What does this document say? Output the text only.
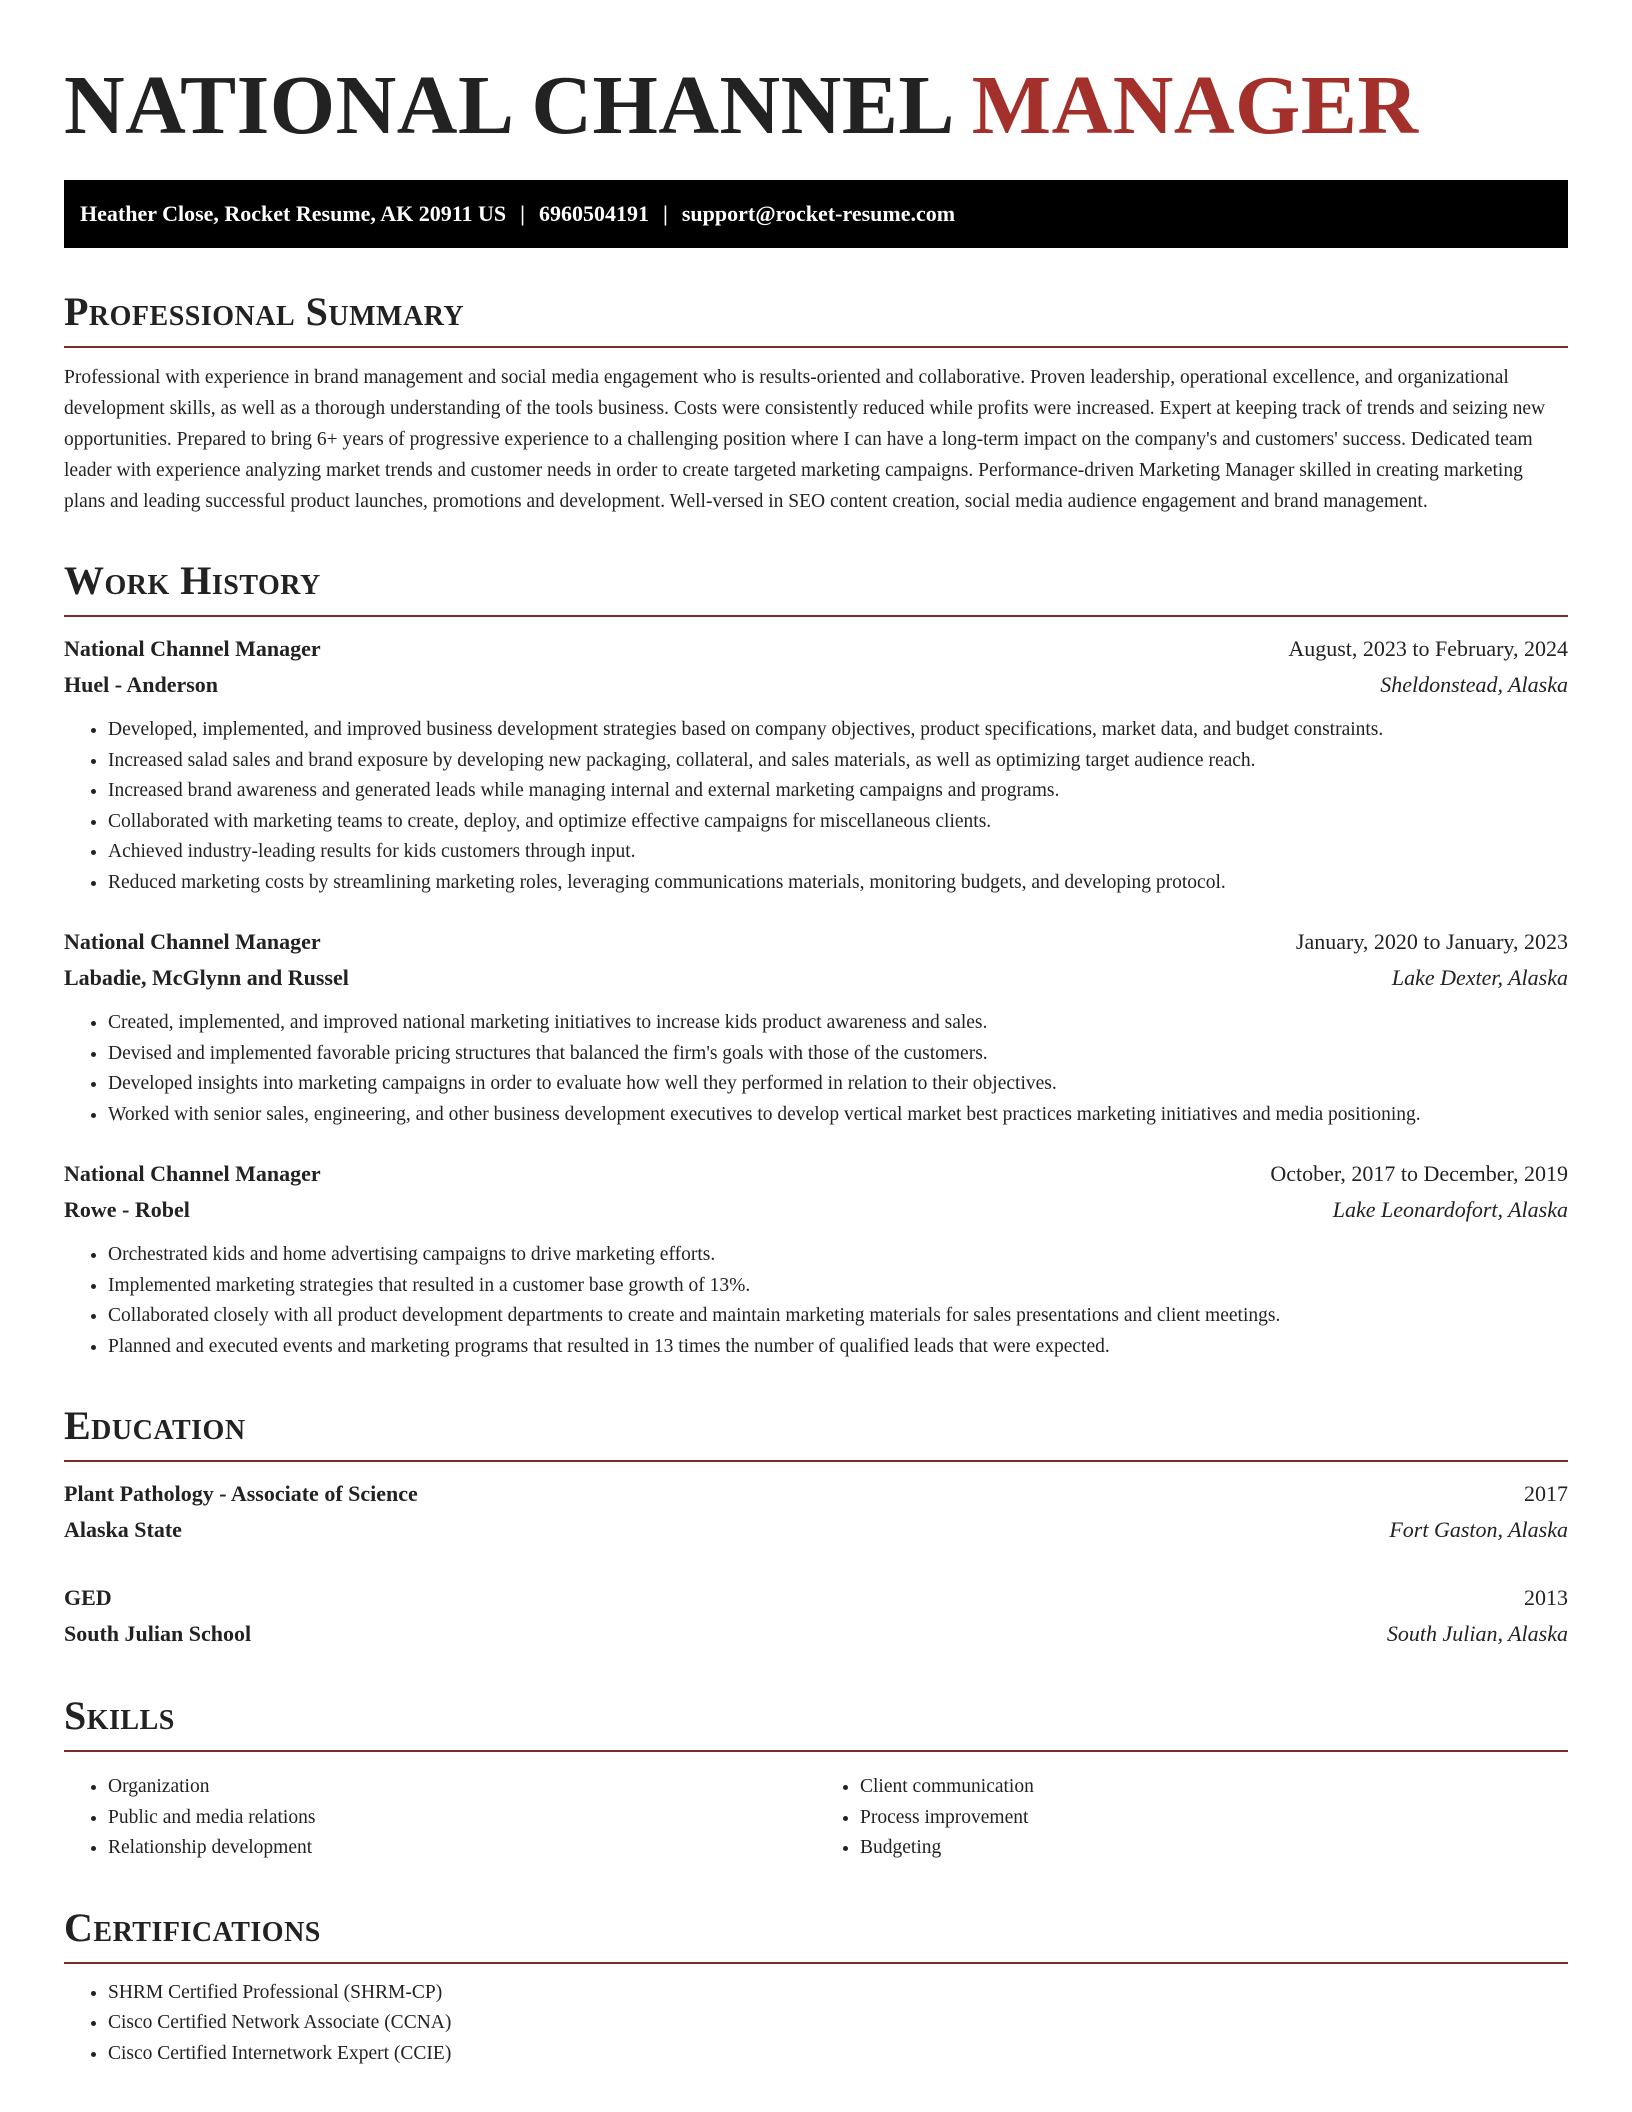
NATIONAL CHANNEL MANAGER
Heather Close, Rocket Resume, AK 20911 US | 6960504191 | support@rocket-resume.com
Professional Summary

Professional with experience in brand management and social media engagement who is results-oriented and collaborative. Proven leadership, operational excellence, and organizational development skills, as well as a thorough understanding of the tools business. Costs were consistently reduced while profits were increased. Expert at keeping track of trends and seizing new opportunities. Prepared to bring 6+ years of progressive experience to a challenging position where I can have a long-term impact on the company's and customers' success. Dedicated team leader with experience analyzing market trends and customer needs in order to create targeted marketing campaigns. Performance-driven Marketing Manager skilled in creating marketing plans and leading successful product launches, promotions and development. Well-versed in SEO content creation, social media audience engagement and brand management.

Work History
National Channel Manager	August, 2023 to February, 2024
Huel - Anderson	Sheldonstead, Alaska
• Developed, implemented, and improved business development strategies based on company objectives, product specifications, market data, and budget constraints.
• Increased salad sales and brand exposure by developing new packaging, collateral, and sales materials, as well as optimizing target audience reach.
• Increased brand awareness and generated leads while managing internal and external marketing campaigns and programs.
• Collaborated with marketing teams to create, deploy, and optimize effective campaigns for miscellaneous clients.
• Achieved industry-leading results for kids customers through input.
• Reduced marketing costs by streamlining marketing roles, leveraging communications materials, monitoring budgets, and developing protocol.
National Channel Manager	January, 2020 to January, 2023
Labadie, McGlynn and Russel	Lake Dexter, Alaska
• Created, implemented, and improved national marketing initiatives to increase kids product awareness and sales.
• Devised and implemented favorable pricing structures that balanced the firm's goals with those of the customers.
• Developed insights into marketing campaigns in order to evaluate how well they performed in relation to their objectives.
• Worked with senior sales, engineering, and other business development executives to develop vertical market best practices marketing initiatives and media positioning.
National Channel Manager	October, 2017 to December, 2019
Rowe - Robel	Lake Leonardofort, Alaska
• Orchestrated kids and home advertising campaigns to drive marketing efforts.
• Implemented marketing strategies that resulted in a customer base growth of 13%.
• Collaborated closely with all product development departments to create and maintain marketing materials for sales presentations and client meetings.
• Planned and executed events and marketing programs that resulted in 13 times the number of qualified leads that were expected.
Education
Plant Pathology - Associate of Science	2017
Alaska State	Fort Gaston, Alaska
GED	2013
South Julian School	South Julian, Alaska
Skills
• Organization
• Public and media relations
• Relationship development
• Client communication
• Process improvement
• Budgeting
Certifications
• SHRM Certified Professional (SHRM-CP)
• Cisco Certified Network Associate (CCNA)
• Cisco Certified Internetwork Expert (CCIE)
